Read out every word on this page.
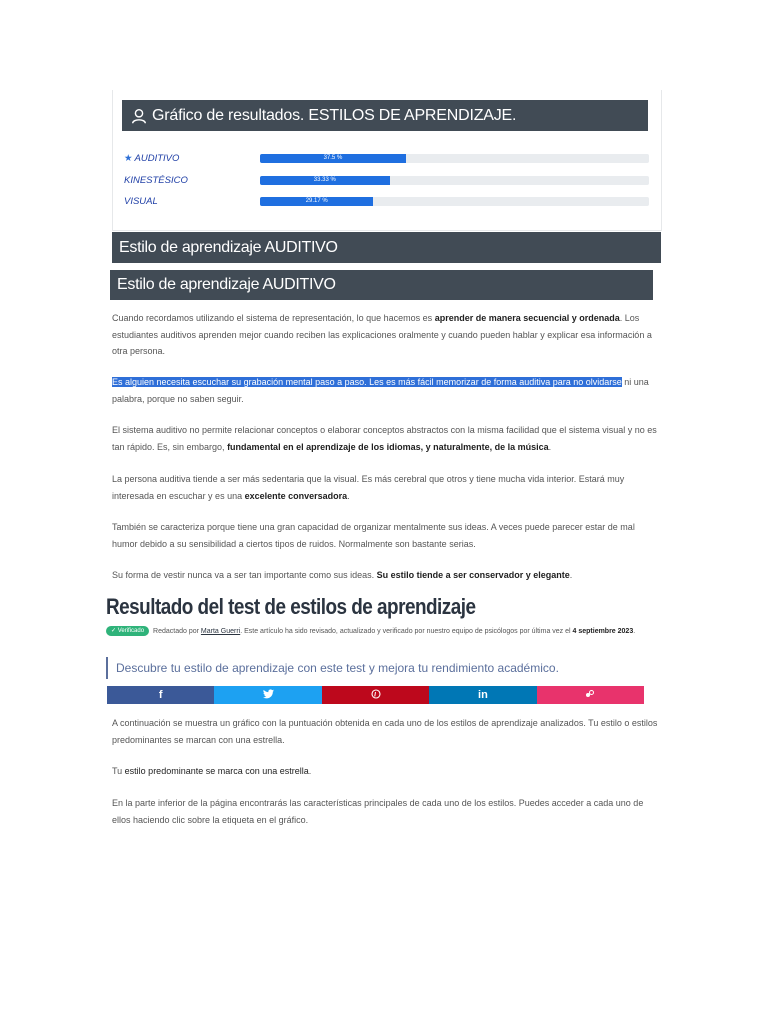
Gráfico de resultados. ESTILOS DE APRENDIZAJE.
★ AUDITIVO	37.5 %
KINESTÉSICO	33.33 %
VISUAL	29.17 %
Estilo de aprendizaje AUDITIVO
Estilo de aprendizaje AUDITIVO
Cuando recordamos utilizando el sistema de representación, lo que hacemos es aprender de manera secuencial y ordenada. Los estudiantes auditivos aprenden mejor cuando reciben las explicaciones oralmente y cuando pueden hablar y explicar esa información a otra persona.
Es alguien necesita escuchar su grabación mental paso a paso. Les es más fácil memorizar de forma auditiva para no olvidarse ni una palabra, porque no saben seguir.
El sistema auditivo no permite relacionar conceptos o elaborar conceptos abstractos con la misma facilidad que el sistema visual y no es tan rápido. Es, sin embargo, fundamental en el aprendizaje de los idiomas, y naturalmente, de la música.
La persona auditiva tiende a ser más sedentaria que la visual. Es más cerebral que otros y tiene mucha vida interior. Estará muy interesada en escuchar y es una excelente conversadora.
También se caracteriza porque tiene una gran capacidad de organizar mentalmente sus ideas. A veces puede parecer estar de mal humor debido a su sensibilidad a ciertos tipos de ruidos. Normalmente son bastante serias.
Su forma de vestir nunca va a ser tan importante como sus ideas. Su estilo tiende a ser conservador y elegante.
Resultado del test de estilos de aprendizaje
✓ Verificado Redactado por Marta Guerri. Este artículo ha sido revisado, actualizado y verificado por nuestro equipo de psicólogos por última vez el 4 septiembre 2023.
Descubre tu estilo de aprendizaje con este test y mejora tu rendimiento académico.
f	in
A continuación se muestra un gráfico con la puntuación obtenida en cada uno de los estilos de aprendizaje analizados. Tu estilo o estilos predominantes se marcan con una estrella.
Tu estilo predominante se marca con una estrella.
En la parte inferior de la página encontrarás las características principales de cada uno de los estilos. Puedes acceder a cada uno de ellos haciendo clic sobre la etiqueta en el gráfico.
